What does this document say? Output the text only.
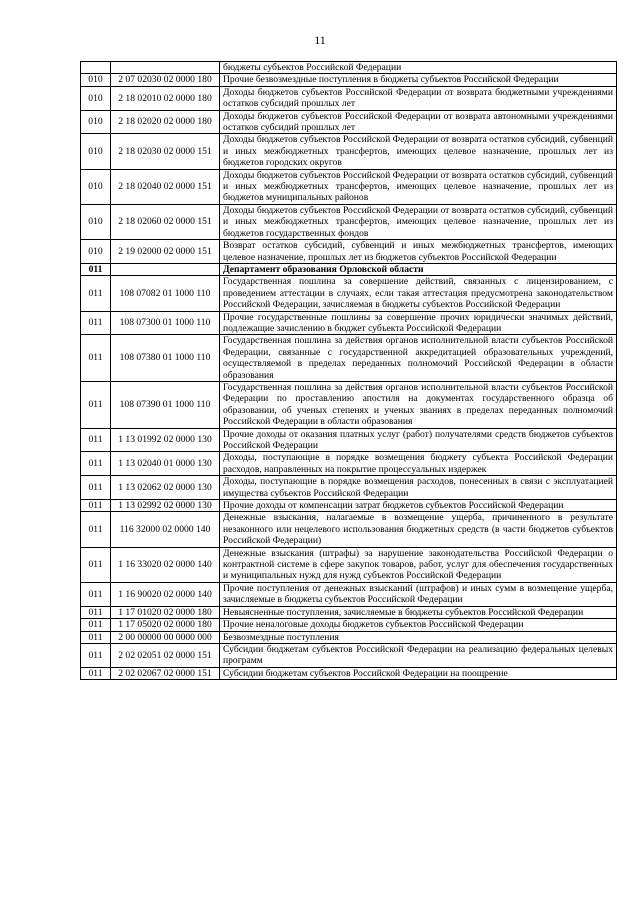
11
		бюджеты субъектов Российской Федерации
010	2 07 02030 02 0000 180	Прочие безвозмездные поступления в бюджеты субъектов Российской Федерации
010	2 18 02010 02 0000 180	Доходы бюджетов субъектов Российской Федерации от возврата бюджетными учреждениями остатков субсидий прошлых лет
010	2 18 02020 02 0000 180	Доходы бюджетов субъектов Российской Федерации от возврата автономными учреждениями остатков субсидий прошлых лет
010	2 18 02030 02 0000 151	Доходы бюджетов субъектов Российской Федерации от возврата остатков субсидий, субвенций и иных межбюджетных трансфертов, имеющих целевое назначение, прошлых лет из бюджетов городских округов
010	2 18 02040 02 0000 151	Доходы бюджетов субъектов Российской Федерации от возврата остатков субсидий, субвенций и иных межбюджетных трансфертов, имеющих целевое назначение, прошлых лет из бюджетов муниципальных районов
010	2 18 02060 02 0000 151	Доходы бюджетов субъектов Российской Федерации от возврата остатков субсидий, субвенций и иных межбюджетных трансфертов, имеющих целевое назначение, прошлых лет из бюджетов государственных фондов
010	2 19 02000 02 0000 151	Возврат остатков субсидий, субвенций и иных межбюджетных трансфертов, имеющих целевое назначение, прошлых лет из бюджетов субъектов Российской Федерации
011		Департамент образования Орловской области
011	108 07082 01 1000 110	Государственная пошлина за совершение действий, связанных с лицензированием, с проведением аттестации в случаях, если такая аттестация предусмотрена законодательством Российской Федерации, зачисляемая в бюджеты субъектов Российской Федерации
011	108 07300 01 1000 110	Прочие государственные пошлины за совершение прочих юридически значимых действий, подлежащие зачислению в бюджет субъекта Российской Федерации
011	108 07380 01 1000 110	Государственная пошлина за действия органов исполнительной власти субъектов Российской Федерации, связанные с государственной аккредитацией образовательных учреждений, осуществляемой в пределах переданных полномочий Российской Федерации в области образования
011	108 07390 01 1000 110	Государственная пошлина за действия органов исполнительной власти субъектов Российской Федерации по проставлению апостиля на документах государственного образца об образовании, об ученых степенях и ученых званиях в пределах переданных полномочий Российской Федерации в области образования
011	1 13 01992 02 0000 130	Прочие доходы от оказания платных услуг (работ) получателями средств бюджетов субъектов Российской Федерации
011	1 13 02040 01 0000 130	Доходы, поступающие в порядке возмещения бюджету субъекта Российской Федерации расходов, направленных на покрытие процессуальных издержек
011	1 13 02062 02 0000 130	Доходы, поступающие в порядке возмещения расходов, понесенных в связи с эксплуатацией имущества субъектов Российской Федерации
011	1 13 02992 02 0000 130	Прочие доходы от компенсации затрат бюджетов субъектов Российской Федерации
011	116 32000 02 0000 140	Денежные взыскания, налагаемые в возмещение ущерба, причиненного в результате незаконного или нецелевого использования бюджетных средств (в части бюджетов субъектов Российской Федерации)
011	1 16 33020 02 0000 140	Денежные взыскания (штрафы) за нарушение законодательства Российской Федерации о контрактной системе в сфере закупок товаров, работ, услуг для обеспечения государственных и муниципальных нужд для нужд субъектов Российской Федерации
011	1 16 90020 02 0000 140	Прочие поступления от денежных взысканий (штрафов) и иных сумм в возмещение ущерба, зачисляемые в бюджеты субъектов Российской Федерации
011	1 17 01020 02 0000 180	Невыясненные поступления, зачисляемые в бюджеты субъектов Российской Федерации
011	1 17 05020 02 0000 180	Прочие неналоговые доходы бюджетов субъектов Российской Федерации
011	2 00 00000 00 0000 000	Безвозмездные поступления
011	2 02 02051 02 0000 151	Субсидии бюджетам субъектов Российской Федерации на реализацию федеральных целевых программ
011	2 02 02067 02 0000 151	Субсидии бюджетам субъектов Российской Федерации на поощрение
